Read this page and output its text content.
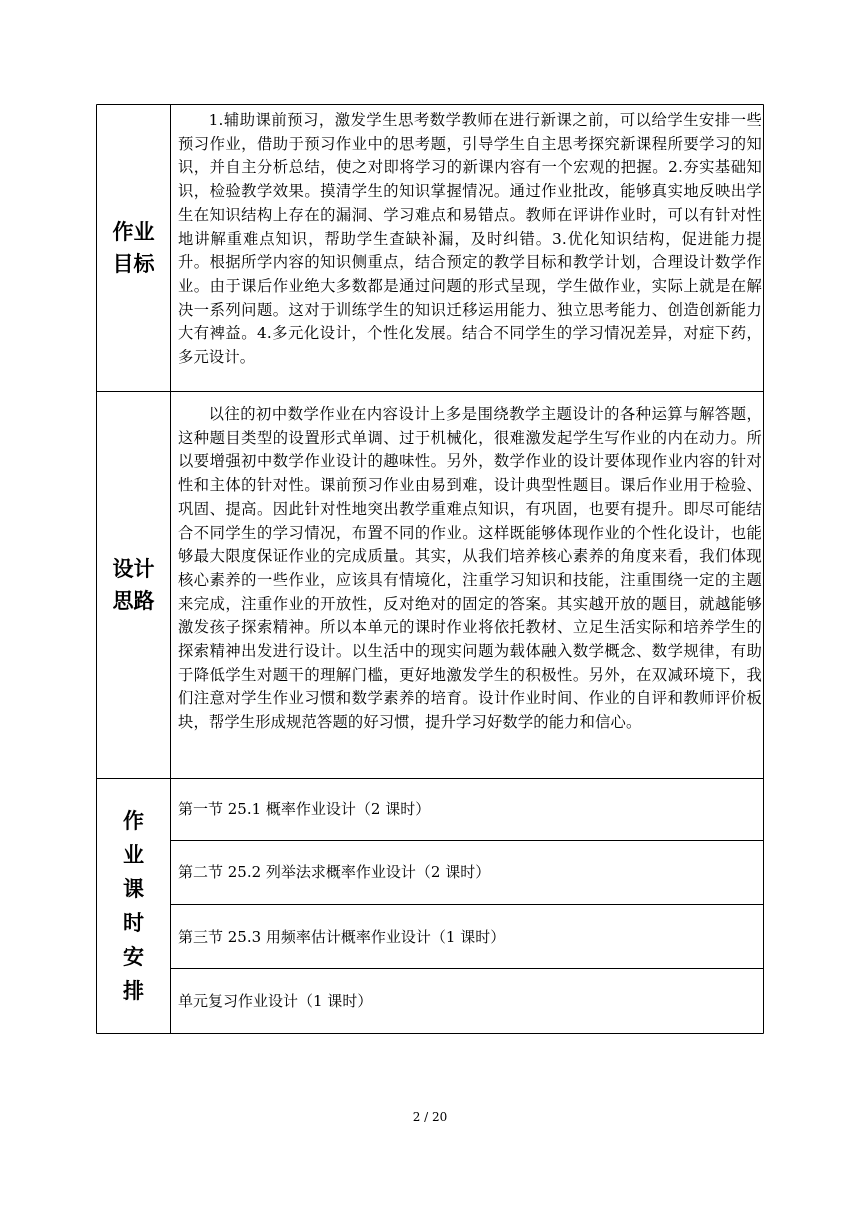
作业目标

1.辅助课前预习，激发学生思考数学教师在进行新课之前，可以给学生安排一些预习作业，借助于预习作业中的思考题，引导学生自主思考探究新课程所要学习的知识，并自主分析总结，使之对即将学习的新课内容有一个宏观的把握。2.夯实基础知识，检验教学效果。摸清学生的知识掌握情况。通过作业批改，能够真实地反映出学生在知识结构上存在的漏洞、学习难点和易错点。教师在评讲作业时，可以有针对性地讲解重难点知识，帮助学生查缺补漏，及时纠错。3.优化知识结构，促进能力提升。根据所学内容的知识侧重点，结合预定的教学目标和教学计划，合理设计数学作业。由于课后作业绝大多数都是通过问题的形式呈现，学生做作业，实际上就是在解决一系列问题。这对于训练学生的知识迁移运用能力、独立思考能力、创造创新能力大有裨益。4.多元化设计，个性化发展。结合不同学生的学习情况差异，对症下药，多元设计。

设计思路

以往的初中数学作业在内容设计上多是围绕教学主题设计的各种运算与解答题，这种题目类型的设置形式单调、过于机械化，很难激发起学生写作业的内在动力。所以要增强初中数学作业设计的趣味性。另外，数学作业的设计要体现作业内容的针对性和主体的针对性。课前预习作业由易到难，设计典型性题目。课后作业用于检验、巩固、提高。因此针对性地突出教学重难点知识，有巩固，也要有提升。即尽可能结合不同学生的学习情况，布置不同的作业。这样既能够体现作业的个性化设计，也能够最大限度保证作业的完成质量。其实，从我们培养核心素养的角度来看，我们体现核心素养的一些作业，应该具有情境化，注重学习知识和技能，注重围绕一定的主题来完成，注重作业的开放性，反对绝对的固定的答案。其实越开放的题目，就越能够激发孩子探索精神。所以本单元的课时作业将依托教材、立足生活实际和培养学生的探索精神出发进行设计。以生活中的现实问题为载体融入数学概念、数学规律，有助于降低学生对题干的理解门槛，更好地激发学生的积极性。另外，在双减环境下，我们注意对学生作业习惯和数学素养的培育。设计作业时间、作业的自评和教师评价板块，帮学生形成规范答题的好习惯，提升学习好数学的能力和信心。

作
业
课
时
安
排
第一节 25.1 概率作业设计（2 课时）
第二节 25.2 列举法求概率作业设计（2 课时）
第三节 25.3 用频率估计概率作业设计（1 课时）
单元复习作业设计（1 课时）
2 / 20
